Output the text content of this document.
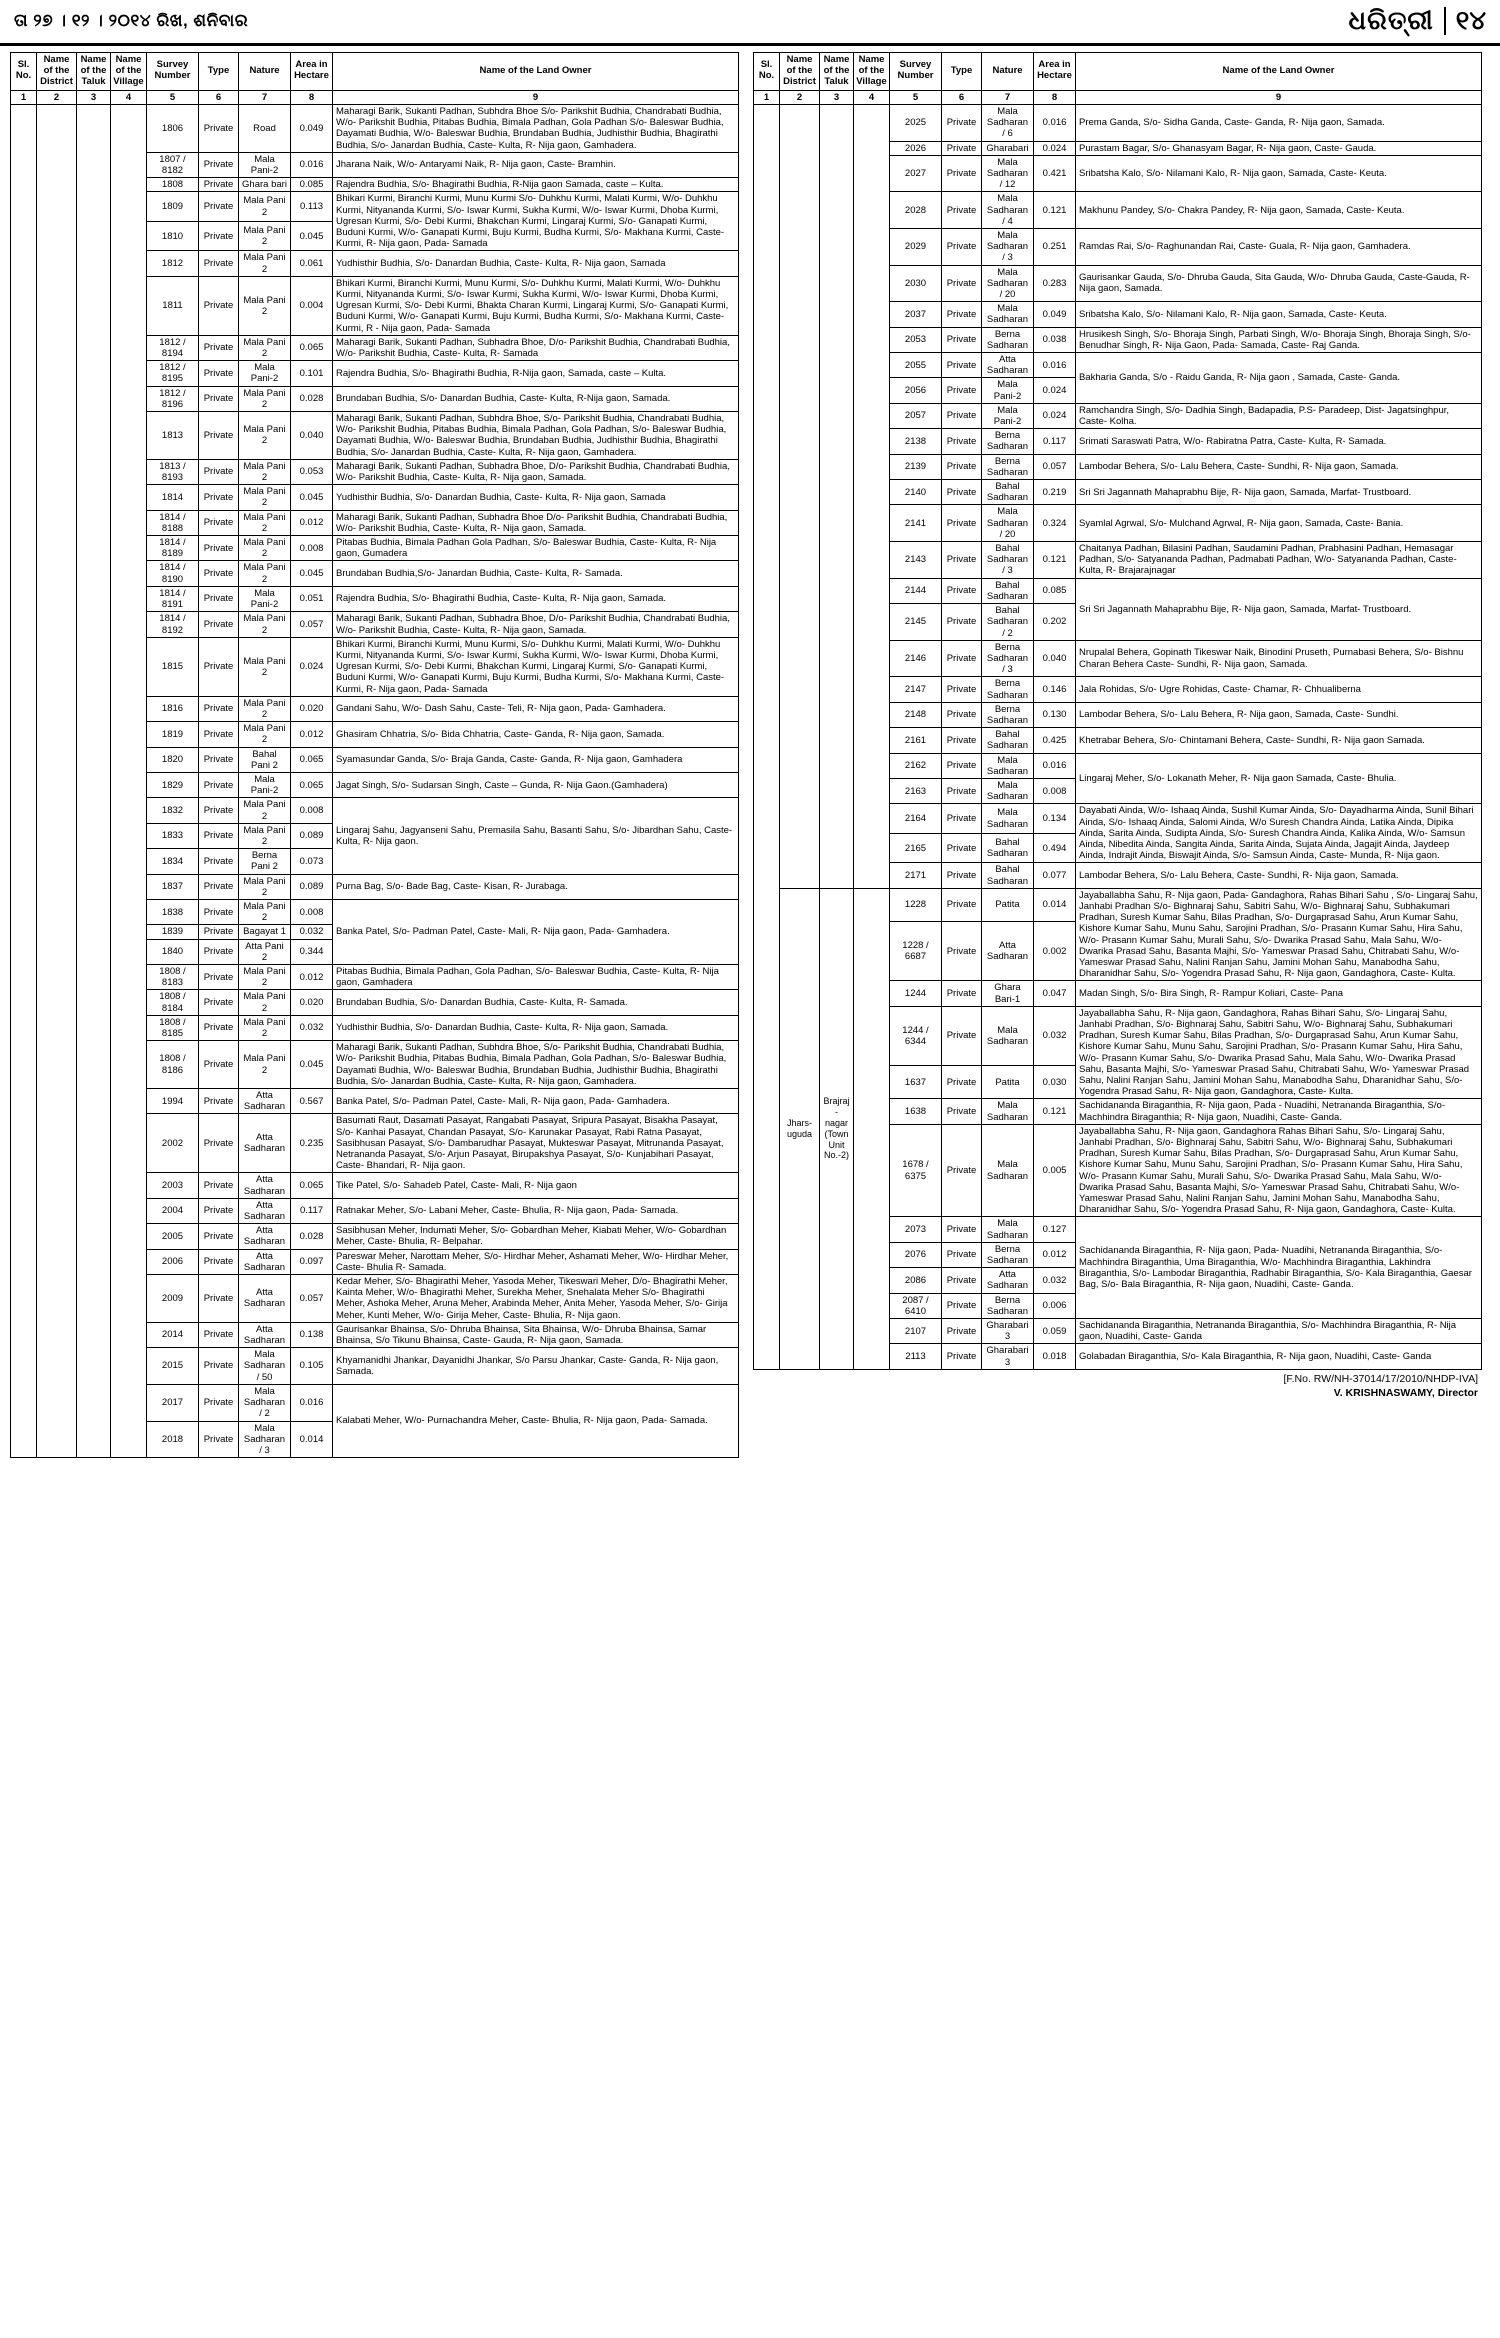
ତା ୨୭ । ୧୨ । ୨୦୧୪ ରିଖ, ଶନିବାର	ଧରିତ୍ରୀ ୧୪
Sl. No.	Name of the District	Name of the Taluk	Name of the Village	Survey Number	Type	Nature	Area in Hectare	Name of the Land Owner
1	2	3	4	5	6	7	8	9
				1806	Private	Road	0.049	Maharagi Barik, Sukanti Padhan, Subhdra Bhoe S/o- Parikshit Budhia, Chandrabati Budhia, W/o- Parikshit Budhia, Pitabas Budhia, Bimala Padhan, Gola Padhan S/o- Baleswar Budhia, Dayamati Budhia, W/o- Baleswar Budhia, Brundaban Budhia, Judhisthir Budhia, Bhagirathi Budhia, S/o- Janardan Budhia, Caste- Kulta, R- Nija gaon, Gamhadera.
				1807 / 8182	Private	Mala Pani-2	0.016	Jharana Naik, W/o- Antaryami Naik, R- Nija gaon, Caste- Bramhin.
				1808	Private	Ghara bari	0.085	Rajendra Budhia, S/o- Bhagirathi Budhia, R-Nija gaon Samada, caste – Kulta.
				1809	Private	Mala Pani 2	0.113	Bhikari Kurmi, Biranchi Kurmi, Munu Kurmi S/o- Duhkhu Kurmi, Malati Kurmi, W/o- Duhkhu Kurmi, Nityananda Kurmi, S/o- Iswar Kurmi, Sukha Kurmi, W/o- Iswar Kurmi, Dhoba Kurmi, Ugresan Kurmi, S/o- Debi Kurmi, Bhakchan Kurmi, Lingaraj Kurmi, S/o- Ganapati Kurmi, Buduni Kurmi, W/o- Ganapati Kurmi, Buju Kurmi, Budha Kurmi, S/o- Makhana Kurmi, Caste- Kurmi, R- Nija gaon, Pada- Samada
				1810	Private	Mala Pani 2	0.045	
				1812	Private	Mala Pani 2	0.061	Yudhisthir Budhia, S/o- Danardan Budhia, Caste- Kulta, R- Nija gaon, Samada
				1811	Private	Mala Pani 2	0.004	Bhikari Kurmi, Biranchi Kurmi, Munu Kurmi, S/o- Duhkhu Kurmi, Malati Kurmi, W/o- Duhkhu Kurmi, Nityananda Kurmi, S/o- Iswar Kurmi, Sukha Kurmi, W/o- Iswar Kurmi, Dhoba Kurmi, Ugresan Kurmi, S/o- Debi Kurmi, Bhakta Charan Kurmi, Lingaraj Kurmi, S/o- Ganapati Kurmi, Buduni Kurmi, W/o- Ganapati Kurmi, Buju Kurmi, Budha Kurmi, S/o- Makhana Kurmi, Caste- Kurmi, R - Nija gaon, Pada- Samada
				1812 / 8194	Private	Mala Pani 2	0.065	Maharagi Barik, Sukanti Padhan, Subhadra Bhoe, D/o- Parikshit Budhia, Chandrabati Budhia, W/o- Parikshit Budhia, Caste- Kulta, R- Samada
				1812 / 8195	Private	Mala Pani-2	0.101	Rajendra Budhia, S/o- Bhagirathi Budhia, R-Nija gaon, Samada, caste – Kulta.
				1812 / 8196	Private	Mala Pani 2	0.028	Brundaban Budhia, S/o- Danardan Budhia, Caste- Kulta, R-Nija gaon, Samada.
				1813	Private	Mala Pani 2	0.040	Maharagi Barik, Sukanti Padhan, Subhdra Bhoe, S/o- Parikshit Budhia, Chandrabati Budhia, W/o- Parikshit Budhia, Pitabas Budhia, Bimala Padhan, Gola Padhan, S/o- Baleswar Budhia, Dayamati Budhia, W/o- Baleswar Budhia, Brundaban Budhia, Judhisthir Budhia, Bhagirathi Budhia, S/o- Janardan Budhia, Caste- Kulta, R- Nija gaon, Gamhadera.
				1813 / 8193	Private	Mala Pani 2	0.053	Maharagi Barik, Sukanti Padhan, Subhadra Bhoe, D/o- Parikshit Budhia, Chandrabati Budhia, W/o- Parikshit Budhia, Caste- Kulta, R- Nija gaon, Samada.
				1814	Private	Mala Pani 2	0.045	Yudhisthir Budhia, S/o- Danardan Budhia, Caste- Kulta, R- Nija gaon, Samada
				1814 / 8188	Private	Mala Pani 2	0.012	Maharagi Barik, Sukanti Padhan, Subhadra Bhoe D/o- Parikshit Budhia, Chandrabati Budhia, W/o- Parikshit Budhia, Caste- Kulta, R- Nija gaon, Samada.
				1814 / 8189	Private	Mala Pani 2	0.008	Pitabas Budhia, Bimala Padhan Gola Padhan, S/o- Baleswar Budhia, Caste- Kulta, R- Nija gaon, Gumadera
				1814 / 8190	Private	Mala Pani 2	0.045	Brundaban Budhia,S/o- Janardan Budhia, Caste- Kulta, R- Samada.
				1814 / 8191	Private	Mala Pani-2	0.051	Rajendra Budhia, S/o- Bhagirathi Budhia, Caste- Kulta, R- Nija gaon, Samada.
				1814 / 8192	Private	Mala Pani 2	0.057	Maharagi Barik, Sukanti Padhan, Subhadra Bhoe, D/o- Parikshit Budhia, Chandrabati Budhia, W/o- Parikshit Budhia, Caste- Kulta, R- Nija gaon, Samada.
				1815	Private	Mala Pani 2	0.024	Bhikari Kurmi, Biranchi Kurmi, Munu Kurmi, S/o- Duhkhu Kurmi, Malati Kurmi, W/o- Duhkhu Kurmi, Nityananda Kurmi, S/o- Iswar Kurmi, Sukha Kurmi, W/o- Iswar Kurmi, Dhoba Kurmi, Ugresan Kurmi, S/o- Debi Kurmi, Bhakchan Kurmi, Lingaraj Kurmi, S/o- Ganapati Kurmi, Buduni Kurmi, W/o- Ganapati Kurmi, Buju Kurmi, Budha Kurmi, S/o- Makhana Kurmi, Caste- Kurmi, R- Nija gaon, Pada- Samada
				1816	Private	Mala Pani 2	0.020	Gandani Sahu, W/o- Dash Sahu, Caste- Teli, R- Nija gaon, Pada- Gamhadera.
				1819	Private	Mala Pani 2	0.012	Ghasiram Chhatria, S/o- Bida Chhatria, Caste- Ganda, R- Nija gaon, Samada.
				1820	Private	Bahal Pani 2	0.065	Syamasundar Ganda, S/o- Braja Ganda, Caste- Ganda, R- Nija gaon, Gamhadera
				1829	Private	Mala Pani-2	0.065	Jagat Singh, S/o- Sudarsan Singh, Caste – Gunda, R- Nija Gaon.(Gamhadera)
				1832	Private	Mala Pani 2	0.008	Lingaraj Sahu, Jagyanseni Sahu, Premasila Sahu, Basanti Sahu, S/o- Jibardhan Sahu, Caste- Kulta, R- Nija gaon.
				1833	Private	Mala Pani 2	0.089	
				1834	Private	Berna Pani 2	0.073	
				1837	Private	Mala Pani 2	0.089	Purna Bag, S/o- Bade Bag, Caste- Kisan, R- Jurabaga.
				1838	Private	Mala Pani 2	0.008	Banka Patel, S/o- Padman Patel, Caste- Mali, R- Nija gaon, Pada- Gamhadera.
				1839	Private	Bagayat 1	0.032	
				1840	Private	Atta Pani 2	0.344	
				1808 / 8183	Private	Mala Pani 2	0.012	Pitabas Budhia, Bimala Padhan, Gola Padhan, S/o- Baleswar Budhia, Caste- Kulta, R- Nija gaon, Gamhadera
				1808 / 8184	Private	Mala Pani 2	0.020	Brundaban Budhia, S/o- Danardan Budhia, Caste- Kulta, R- Samada.
				1808 / 8185	Private	Mala Pani 2	0.032	Yudhisthir Budhia, S/o- Danardan Budhia, Caste- Kulta, R- Nija gaon, Samada.
				1808 / 8186	Private	Mala Pani 2	0.045	Maharagi Barik, Sukanti Padhan, Subhdra Bhoe, S/o- Parikshit Budhia, Chandrabati Budhia, W/o- Parikshit Budhia, Pitabas Budhia, Bimala Padhan, Gola Padhan, S/o- Baleswar Budhia, Dayamati Budhia, W/o- Baleswar Budhia, Brundaban Budhia, Judhisthir Budhia, Bhagirathi Budhia, S/o- Janardan Budhia, Caste- Kulta, R- Nija gaon, Gamhadera.
				1994	Private	Atta Sadharan	0.567	Banka Patel, S/o- Padman Patel, Caste- Mali, R- Nija gaon, Pada- Gamhadera.
				2002	Private	Atta Sadharan	0.235	Basumati Raut, Dasamati Pasayat, Rangabati Pasayat, Sripura Pasayat, Bisakha Pasayat, S/o- Kanhai Pasayat, Chandan Pasayat, S/o- Karunakar Pasayat, Rabi Ratna Pasayat, Sasibhusan Pasayat, S/o- Dambarudhar Pasayat, Mukteswar Pasayat, Mitrunanda Pasayat, Netrananda Pasayat, S/o- Arjun Pasayat, Birupakshya Pasayat, S/o- Kunjabihari Pasayat, Caste- Bhandari, R- Nija gaon.
				2003	Private	Atta Sadharan	0.065	Tike Patel, S/o- Sahadeb Patel, Caste- Mali, R- Nija gaon
				2004	Private	Atta Sadharan	0.117	Ratnakar Meher, S/o- Labani Meher, Caste- Bhulia, R- Nija gaon, Pada- Samada.
				2005	Private	Atta Sadharan	0.028	Sasibhusan Meher, Indumati Meher, S/o- Gobardhan Meher, Kiabati Meher, W/o- Gobardhan Meher, Caste- Bhulia, R- Belpahar.
				2006	Private	Atta Sadharan	0.097	Pareswar Meher, Narottam Meher, S/o- Hirdhar Meher, Ashamati Meher, W/o- Hirdhar Meher, Caste- Bhulia R- Samada.
				2009	Private	Atta Sadharan	0.057	Kedar Meher, S/o- Bhagirathi Meher, Yasoda Meher, Tikeswari Meher, D/o- Bhagirathi Meher, Kainta Meher, W/o- Bhagirathi Meher, Surekha Meher, Snehalata Meher S/o- Bhagirathi Meher, Ashoka Meher, Aruna Meher, Arabinda Meher, Anita Meher, Yasoda Meher, S/o- Girija Meher, Kunti Meher, W/o- Girija Meher, Caste- Bhulia, R- Nija gaon.
				2014	Private	Atta Sadharan	0.138	Gaurisankar Bhainsa, S/o- Dhruba Bhainsa, Sita Bhainsa, W/o- Dhruba Bhainsa, Samar Bhainsa, S/o Tikunu Bhainsa, Caste- Gauda, R- Nija gaon, Samada.
				2015	Private	Mala Sadharan / 50	0.105	Khyamanidhi Jhankar, Dayanidhi Jhankar, S/o Parsu Jhankar, Caste- Ganda, R- Nija gaon, Samada.
				2017	Private	Mala Sadharan / 2	0.016	Kalabati Meher, W/o- Purnachandra Meher, Caste- Bhulia, R- Nija gaon, Pada- Samada.
				2018	Private	Mala Sadharan / 3	0.014	
Sl. No.	Name of the District	Name of the Taluk	Name of the Village	Survey Number	Type	Nature	Area in Hectare	Name of the Land Owner
1	2	3	4	5	6	7	8	9
				2025	Private	Mala Sadharan / 6	0.016	Prema Ganda, S/o- Sidha Ganda, Caste- Ganda, R- Nija gaon, Samada.
				2026	Private	Gharabari	0.024	Purastam Bagar, S/o- Ghanasyam Bagar, R- Nija gaon, Caste- Gauda.
				2027	Private	Mala Sadharan / 12	0.421	Sribatsha Kalo, S/o- Nilamani Kalo, R- Nija gaon, Samada, Caste- Keuta.
				2028	Private	Mala Sadharan / 4	0.121	Makhunu Pandey, S/o- Chakra Pandey, R- Nija gaon, Samada, Caste- Keuta.
				2029	Private	Mala Sadharan / 3	0.251	Ramdas Rai, S/o- Raghunandan Rai, Caste- Guala, R- Nija gaon, Gamhadera.
				2030	Private	Mala Sadharan / 20	0.283	Gaurisankar Gauda, S/o- Dhruba Gauda, Sita Gauda, W/o- Dhruba Gauda, Caste-Gauda, R- Nija gaon, Samada.
				2037	Private	Mala Sadharan	0.049	Sribatsha Kalo, S/o- Nilamani Kalo, R- Nija gaon, Samada, Caste- Keuta.
				2053	Private	Berna Sadharan	0.038	Hrusikesh Singh, S/o- Bhoraja Singh, Parbati Singh, W/o- Bhoraja Singh, Bhoraja Singh, S/o- Benudhar Singh, R- Nija Gaon, Pada- Samada, Caste- Raj Ganda.
				2055	Private	Atta Sadharan	0.016	Bakharia Ganda, S/o - Raidu Ganda, R- Nija gaon , Samada, Caste- Ganda.
				2056	Private	Mala Pani-2	0.024	
				2057	Private	Mala Pani-2	0.024	Ramchandra Singh, S/o- Dadhia Singh, Badapadia, P.S- Paradeep, Dist- Jagatsinghpur, Caste- Kolha.
				2138	Private	Berna Sadharan	0.117	Srimati Saraswati Patra, W/o- Rabiratna Patra, Caste- Kulta, R- Samada.
				2139	Private	Berna Sadharan	0.057	Lambodar Behera, S/o- Lalu Behera, Caste- Sundhi, R- Nija gaon, Samada.
				2140	Private	Bahal Sadharan	0.219	Sri Sri Jagannath Mahaprabhu Bije, R- Nija gaon, Samada, Marfat- Trustboard.
				2141	Private	Mala Sadharan / 20	0.324	Syamlal Agrwal, S/o- Mulchand Agrwal, R- Nija gaon, Samada, Caste- Bania.
				2143	Private	Bahal Sadharan / 3	0.121	Chaitanya Padhan, Bilasini Padhan, Saudamini Padhan, Prabhasini Padhan, Hemasagar Padhan, S/o- Satyananda Padhan, Padmabati Padhan, W/o- Satyananda Padhan, Caste- Kulta, R- Brajarajnagar
				2144	Private	Bahal Sadharan	0.085	Sri Sri Jagannath Mahaprabhu Bije, R- Nija gaon, Samada, Marfat- Trustboard.
				2145	Private	Bahal Sadharan / 2	0.202	
				2146	Private	Berna Sadharan / 3	0.040	Nrupalal Behera, Gopinath Tikeswar Naik, Binodini Pruseth, Purnabasi Behera, S/o- Bishnu Charan Behera Caste- Sundhi, R- Nija gaon, Samada.
				2147	Private	Berna Sadharan	0.146	Jala Rohidas, S/o- Ugre Rohidas, Caste- Chamar, R- Chhualiberna
				2148	Private	Berna Sadharan	0.130	Lambodar Behera, S/o- Lalu Behera, R- Nija gaon, Samada, Caste- Sundhi.
				2161	Private	Bahal Sadharan	0.425	Khetrabar Behera, S/o- Chintamani Behera, Caste- Sundhi, R- Nija gaon Samada.
				2162	Private	Mala Sadharan	0.016	Lingaraj Meher, S/o- Lokanath Meher, R- Nija gaon Samada, Caste- Bhulia.
				2163	Private	Mala Sadharan	0.008	
				2164	Private	Mala Sadharan	0.134	Dayabati Ainda, W/o- Ishaaq Ainda, Sushil Kumar Ainda, S/o- Dayadharma Ainda, Sunil Bihari Ainda, S/o- Ishaaq Ainda, Salomi Ainda, W/o Suresh Chandra Ainda, Latika Ainda, Dipika Ainda, Sarita Ainda, Sudipta Ainda, S/o- Suresh Chandra Ainda, Kalika Ainda, W/o- Samsun Ainda, Nibedita Ainda, Sangita Ainda, Sarita Ainda, Sujata Ainda, Jagajit Ainda, Jaydeep Ainda, Indrajit Ainda, Biswajit Ainda, S/o- Samsun Ainda, Caste- Munda, R- Nija gaon.
				2165	Private	Bahal Sadharan	0.494	
				2171	Private	Bahal Sadharan	0.077	Lambodar Behera, S/o- Lalu Behera, Caste- Sundhi, R- Nija gaon, Samada.
	Jhars- uguda	Brajraj- nagar (Town Unit No.-2)		1228	Private	Patita	0.014	Jayaballabha Sahu, R- Nija gaon, Pada- Gandaghora, Rahas Bihari Sahu , S/o- Lingaraj Sahu, Janhabi Pradhan S/o- Bighnaraj Sahu, Sabitri Sahu, W/o- Bighnaraj Sahu, Subhakumari Pradhan, Suresh Kumar Sahu, Bilas Pradhan, S/o- Durgaprasad Sahu, Arun Kumar Sahu, Kishore Kumar Sahu, Munu Sahu, Sarojini Pradhan, S/o- Prasann Kumar Sahu, Hira Sahu, W/o- Prasann Kumar Sahu, Murali Sahu, S/o- Dwarika Prasad Sahu, Mala Sahu, W/o- Dwarika Prasad Sahu, Basanta Majhi, S/o- Yameswar Prasad Sahu, Chitrabati Sahu, W/o- Yameswar Prasad Sahu, Nalini Ranjan Sahu, Jamini Mohan Sahu, Manabodha Sahu, Dharanidhar Sahu, S/o- Yogendra Prasad Sahu, R- Nija gaon, Gandaghora, Caste- Kulta.
				1228 / 6687	Private	Atta Sadharan	0.002	
				1244	Private	Ghara Bari-1	0.047	Madan Singh, S/o- Bira Singh, R- Rampur Koliari, Caste- Pana
				1244 / 6344	Private	Mala Sadharan	0.032	Jayaballabha Sahu, R- Nija gaon, Gandaghora, Rahas Bihari Sahu, S/o- Lingaraj Sahu, Janhabi Pradhan, S/o- Bighnaraj Sahu, Sabitri Sahu, W/o- Bighnaraj Sahu, Subhakumari Pradhan, Suresh Kumar Sahu, Bilas Pradhan, S/o- Durgaprasad Sahu, Arun Kumar Sahu, Kishore Kumar Sahu, Munu Sahu, Sarojini Pradhan, S/o- Prasann Kumar Sahu, Hira Sahu, W/o- Prasann Kumar Sahu, S/o- Dwarika Prasad Sahu, Mala Sahu, W/o- Dwarika Prasad Sahu, Basanta Majhi, S/o- Yameswar Prasad Sahu, Chitrabati Sahu, W/o- Yameswar Prasad Sahu, Nalini Ranjan Sahu, Jamini Mohan Sahu, Manabodha Sahu, Dharanidhar Sahu, S/o- Yogendra Prasad Sahu, R- Nija gaon, Gandaghora, Caste- Kulta.
				1637	Private	Patita	0.030	
				1638	Private	Mala Sadharan	0.121	Sachidananda Biraganthia, R- Nija gaon, Pada - Nuadihi, Netrananda Biraganthia, S/o- Machhindra Biraganthia; R- Nija gaon, Nuadihi, Caste- Ganda.
				1678 / 6375	Private	Mala Sadharan	0.005	Jayaballabha Sahu, R- Nija gaon, Gandaghora Rahas Bihari Sahu, S/o- Lingaraj Sahu, Janhabi Pradhan, S/o- Bighnaraj Sahu, Sabitri Sahu, W/o- Bighnaraj Sahu, Subhakumari Pradhan, Suresh Kumar Sahu, Bilas Pradhan, S/o- Durgaprasad Sahu, Arun Kumar Sahu, Kishore Kumar Sahu, Munu Sahu, Sarojini Pradhan, S/o- Prasann Kumar Sahu, Hira Sahu, W/o- Prasann Kumar Sahu, Murali Sahu, S/o- Dwarika Prasad Sahu, Mala Sahu, W/o- Dwarika Prasad Sahu, Basanta Majhi, S/o- Yameswar Prasad Sahu, Chitrabati Sahu, W/o- Yameswar Prasad Sahu, Nalini Ranjan Sahu, Jamini Mohan Sahu, Manabodha Sahu, Dharanidhar Sahu, S/o- Yogendra Prasad Sahu, R- Nija gaon, Gandaghora, Caste- Kulta.
				2073	Private	Mala Sadharan	0.127	Sachidananda Biraganthia, R- Nija gaon, Pada- Nuadihi, Netrananda Biraganthia, S/o- Machhindra Biraganthia, Uma Biraganthia, W/o- Machhindra Biraganthia, Lakhindra Biraganthia, S/o- Lambodar Biraganthia, Radhabir Biraganthia, S/o- Kala Biraganthia, Gaesar Bag, S/o- Bala Biraganthia, R- Nija gaon, Nuadihi, Caste- Ganda.
				2076	Private	Berna Sadharan	0.012	
				2086	Private	Atta Sadharan	0.032	
				2087 / 6410	Private	Berna Sadharan	0.006	
				2107	Private	Gharabari 3	0.059	Sachidananda Biraganthia, Netrananda Biraganthia, S/o- Machhindra Biraganthia, R- Nija gaon, Nuadihi, Caste- Ganda
				2113	Private	Gharabari 3	0.018	Golabadan Biraganthia, S/o- Kala Biraganthia, R- Nija gaon, Nuadihi, Caste- Ganda
[F.No. RW/NH-37014/17/2010/NHDP-IVA]
V. KRISHNASWAMY, Director
